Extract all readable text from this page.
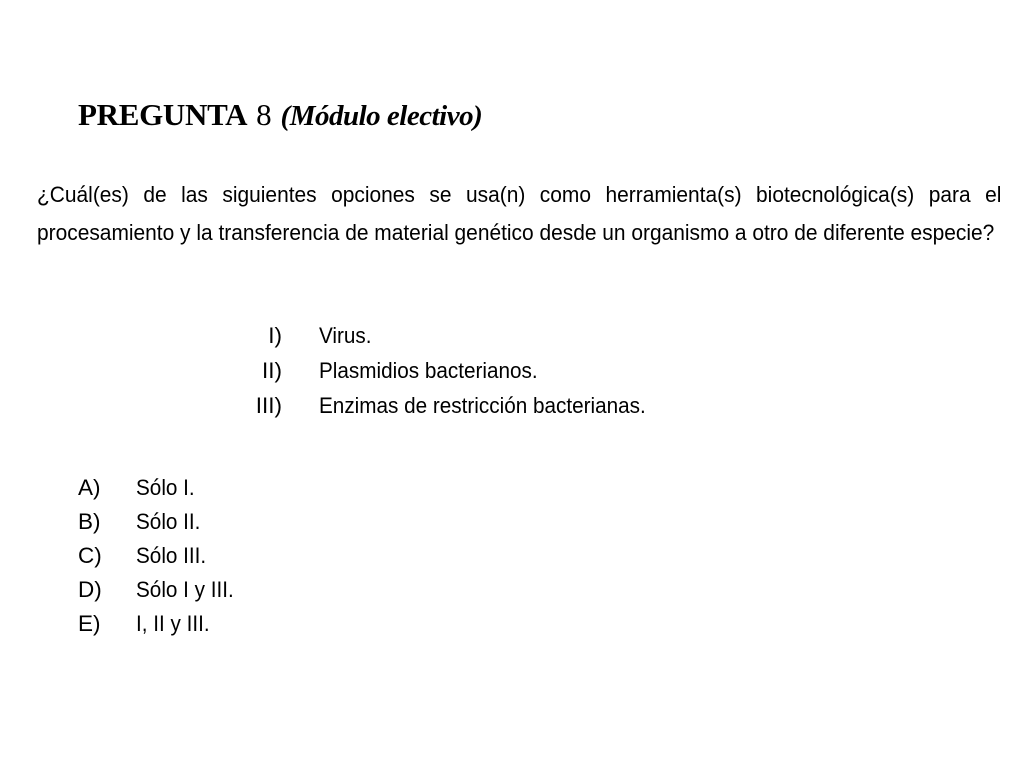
PREGUNTA 8 (Módulo electivo)

¿Cuál(es) de las siguientes opciones se usa(n) como herramienta(s) biotecnológica(s) para el procesamiento y la transferencia de material genético desde un organismo a otro de diferente especie?

I)	Virus.
II)	Plasmidios bacterianos.
III)	Enzimas de restricción bacterianas.
A)	Sólo I.
B)	Sólo II.
C)	Sólo III.
D)	Sólo I y III.
E)	I, II y III.
